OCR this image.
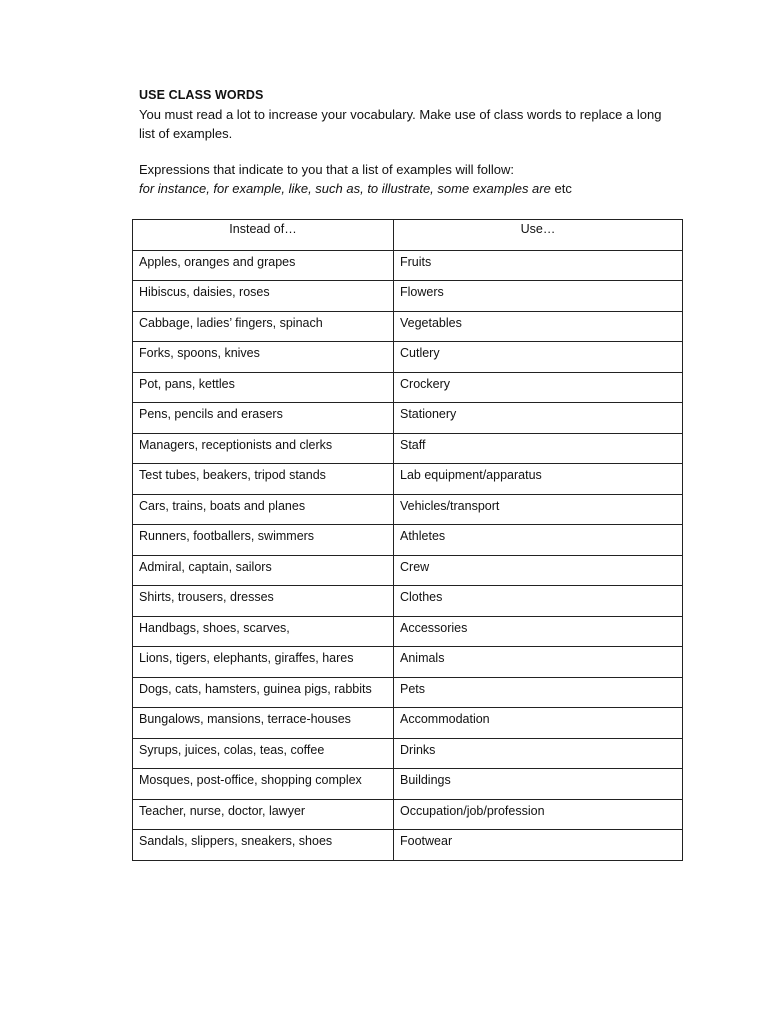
USE CLASS WORDS
You must read a lot to increase your vocabulary. Make use of class words to replace a long list of examples.
Expressions that indicate to you that a list of examples will follow:
for instance, for example, like, such as, to illustrate, some examples are etc
Instead of…	Use…
Apples, oranges and grapes	Fruits
Hibiscus, daisies, roses	Flowers
Cabbage, ladies’ fingers, spinach	Vegetables
Forks, spoons, knives	Cutlery
Pot, pans, kettles	Crockery
Pens, pencils and erasers	Stationery
Managers, receptionists and clerks	Staff
Test tubes, beakers, tripod stands	Lab equipment/apparatus
Cars, trains, boats and planes	Vehicles/transport
Runners, footballers, swimmers	Athletes
Admiral, captain, sailors	Crew
Shirts, trousers, dresses	Clothes
Handbags, shoes, scarves,	Accessories
Lions, tigers, elephants, giraffes, hares	Animals
Dogs, cats, hamsters, guinea pigs, rabbits	Pets
Bungalows, mansions, terrace-houses	Accommodation
Syrups, juices, colas, teas, coffee	Drinks
Mosques, post-office, shopping complex	Buildings
Teacher, nurse, doctor, lawyer	Occupation/job/profession
Sandals, slippers, sneakers, shoes	Footwear
